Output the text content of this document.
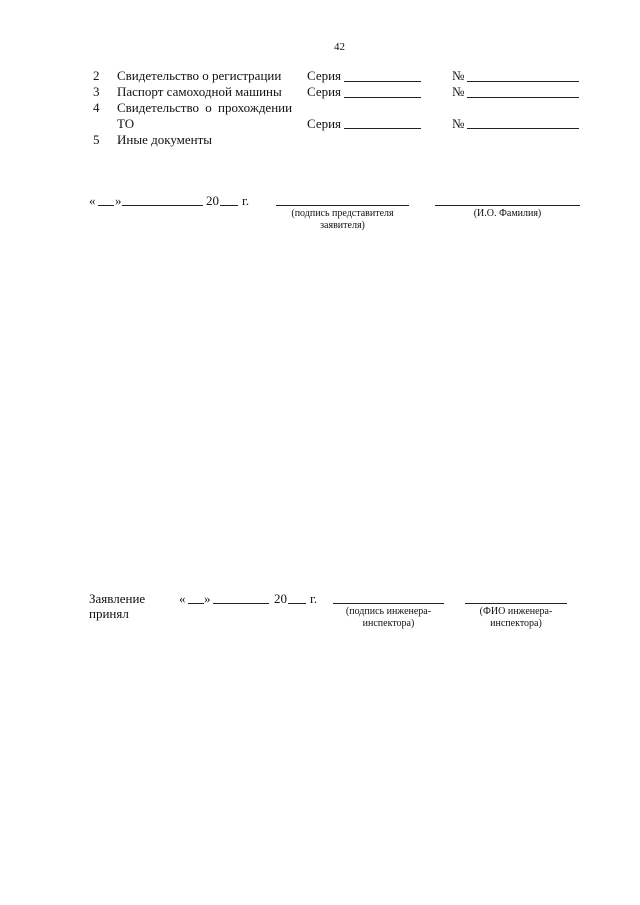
42
2 Свидетельство о регистрации Серия	№
3 Паспорт самоходной машины Серия	№
4 Свидетельство о прохождении
ТО	Серия	№
5 Иные документы
« »	20 г.
(подпись представителя
заявителя)
(И.О. Фамилия)
Заявление
принял
« »	20 г.
(подпись инженера-
инспектора)
(ФИО инженера-
инспектора)
